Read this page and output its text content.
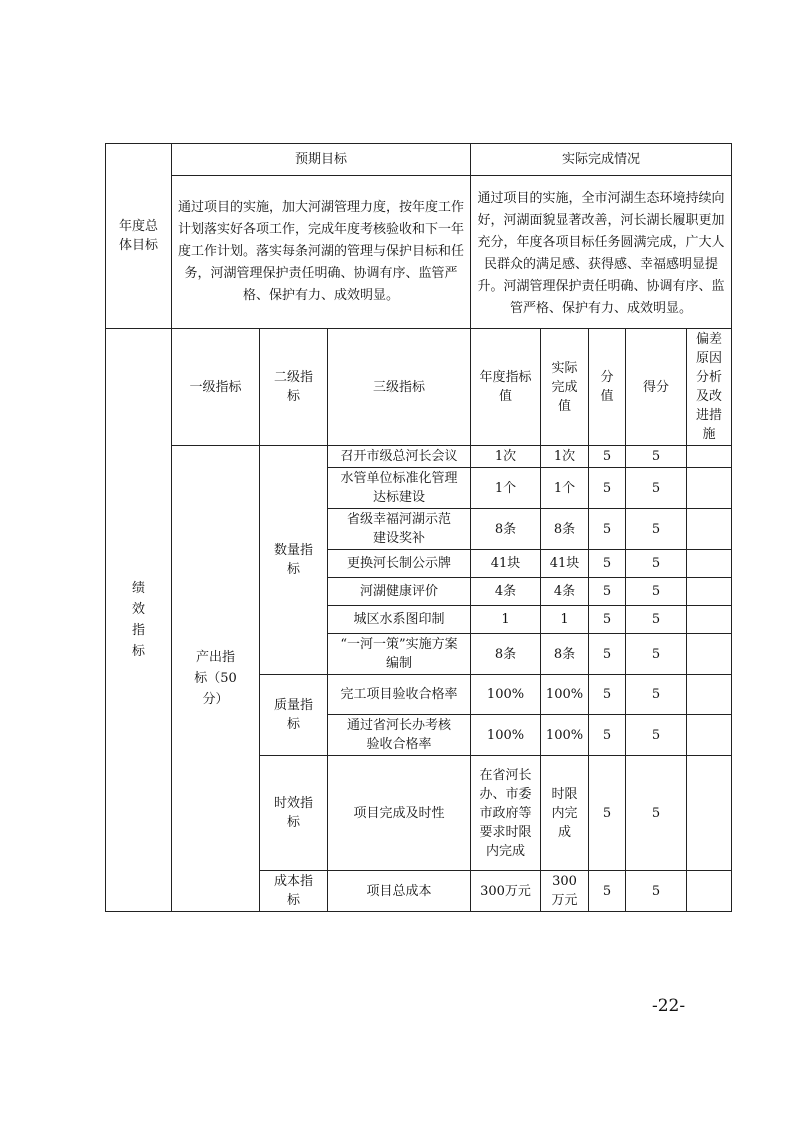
年度总体目标	预期目标			实际完成情况				
	通过项目的实施，加大河湖管理力度，按年度工作计划落实好各项工作，完成年度考核验收和下一年度工作计划。落实每条河湖的管理与保护目标和任务，河湖管理保护责任明确、协调有序、监管严格、保护有力、成效明显。			通过项目的实施，全市河湖生态环境持续向好，河湖面貌显著改善，河长湖长履职更加充分，年度各项目标任务圆满完成，广大人民群众的满足感、获得感、幸福感明显提升。河湖管理保护责任明确、协调有序、监管严格、保护有力、成效明显。				
绩效指标	一级指标	二级指标	三级指标	年度指标值	实际完成值	分值	得分	偏差原因分析及改进措施
	产出指标（50分）	数量指标	召开市级总河长会议	1次	1次	5	5	
			水管单位标准化管理达标建设	1个	1个	5	5	
			省级幸福河湖示范建设奖补	8条	8条	5	5	
			更换河长制公示牌	41块	41块	5	5	
			河湖健康评价	4条	4条	5	5	
			城区水系图印制	1	1	5	5	
			“一河一策”实施方案编制	8条	8条	5	5	
		质量指标	完工项目验收合格率	100%	100%	5	5	
			通过省河长办考核验收合格率	100%	100%	5	5	
		时效指标	项目完成及时性	在省河长办、市委市政府等要求时限内完成	时限内完成	5	5	
		成本指标	项目总成本	300万元	300万元	5	5	
-22-
